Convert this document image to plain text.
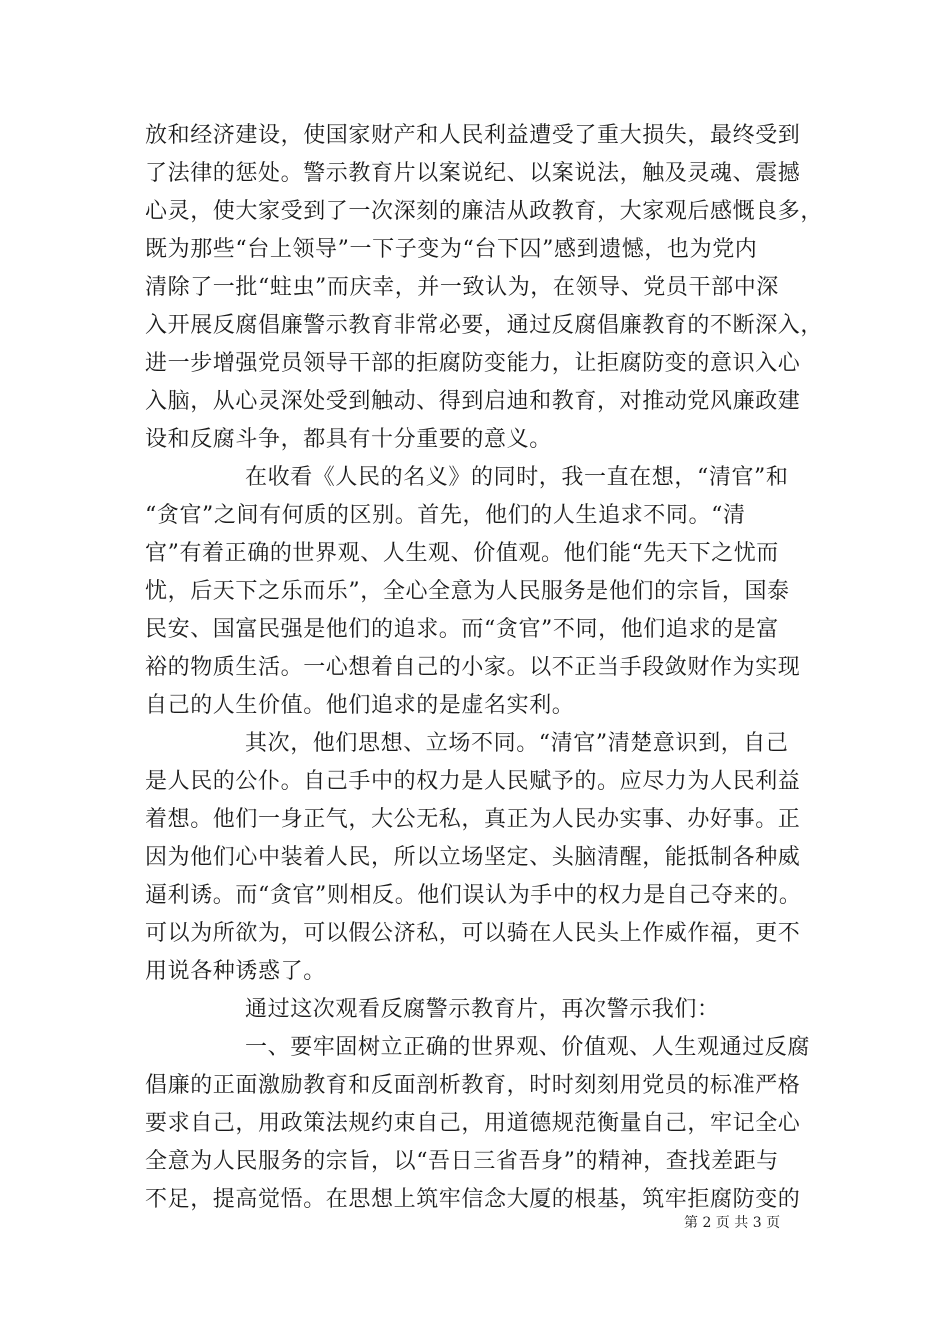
放和经济建设，使国家财产和人民利益遭受了重大损失，最终受到
了法律的惩处。警示教育片以案说纪、以案说法，触及灵魂、震撼
心灵，使大家受到了一次深刻的廉洁从政教育，大家观后感慨良多，
既为那些“台上领导”一下子变为“台下囚”感到遗憾，也为党内
清除了一批“蛀虫”而庆幸，并一致认为，在领导、党员干部中深
入开展反腐倡廉警示教育非常必要，通过反腐倡廉教育的不断深入，
进一步增强党员领导干部的拒腐防变能力，让拒腐防变的意识入心
入脑，从心灵深处受到触动、得到启迪和教育，对推动党风廉政建
设和反腐斗争，都具有十分重要的意义。
在收看《人民的名义》的同时，我一直在想，“清官”和
“贪官”之间有何质的区别。首先，他们的人生追求不同。“清
官”有着正确的世界观、人生观、价值观。他们能“先天下之忧而
忧，后天下之乐而乐”，全心全意为人民服务是他们的宗旨，国泰
民安、国富民强是他们的追求。而“贪官”不同，他们追求的是富
裕的物质生活。一心想着自己的小家。以不正当手段敛财作为实现
自己的人生价值。他们追求的是虚名实利。
其次，他们思想、立场不同。“清官”清楚意识到，自己
是人民的公仆。自己手中的权力是人民赋予的。应尽力为人民利益
着想。他们一身正气，大公无私，真正为人民办实事、办好事。正
因为他们心中装着人民，所以立场坚定、头脑清醒，能抵制各种威
逼利诱。而“贪官”则相反。他们误认为手中的权力是自己夺来的。
可以为所欲为，可以假公济私，可以骑在人民头上作威作福，更不
用说各种诱惑了。
通过这次观看反腐警示教育片，再次警示我们：
一、要牢固树立正确的世界观、价值观、人生观通过反腐
倡廉的正面激励教育和反面剖析教育，时时刻刻用党员的标准严格
要求自己，用政策法规约束自己，用道德规范衡量自己，牢记全心
全意为人民服务的宗旨，以“吾日三省吾身”的精神，查找差距与
不足，提高觉悟。在思想上筑牢信念大厦的根基，筑牢拒腐防变的
第 2 页 共 3 页
